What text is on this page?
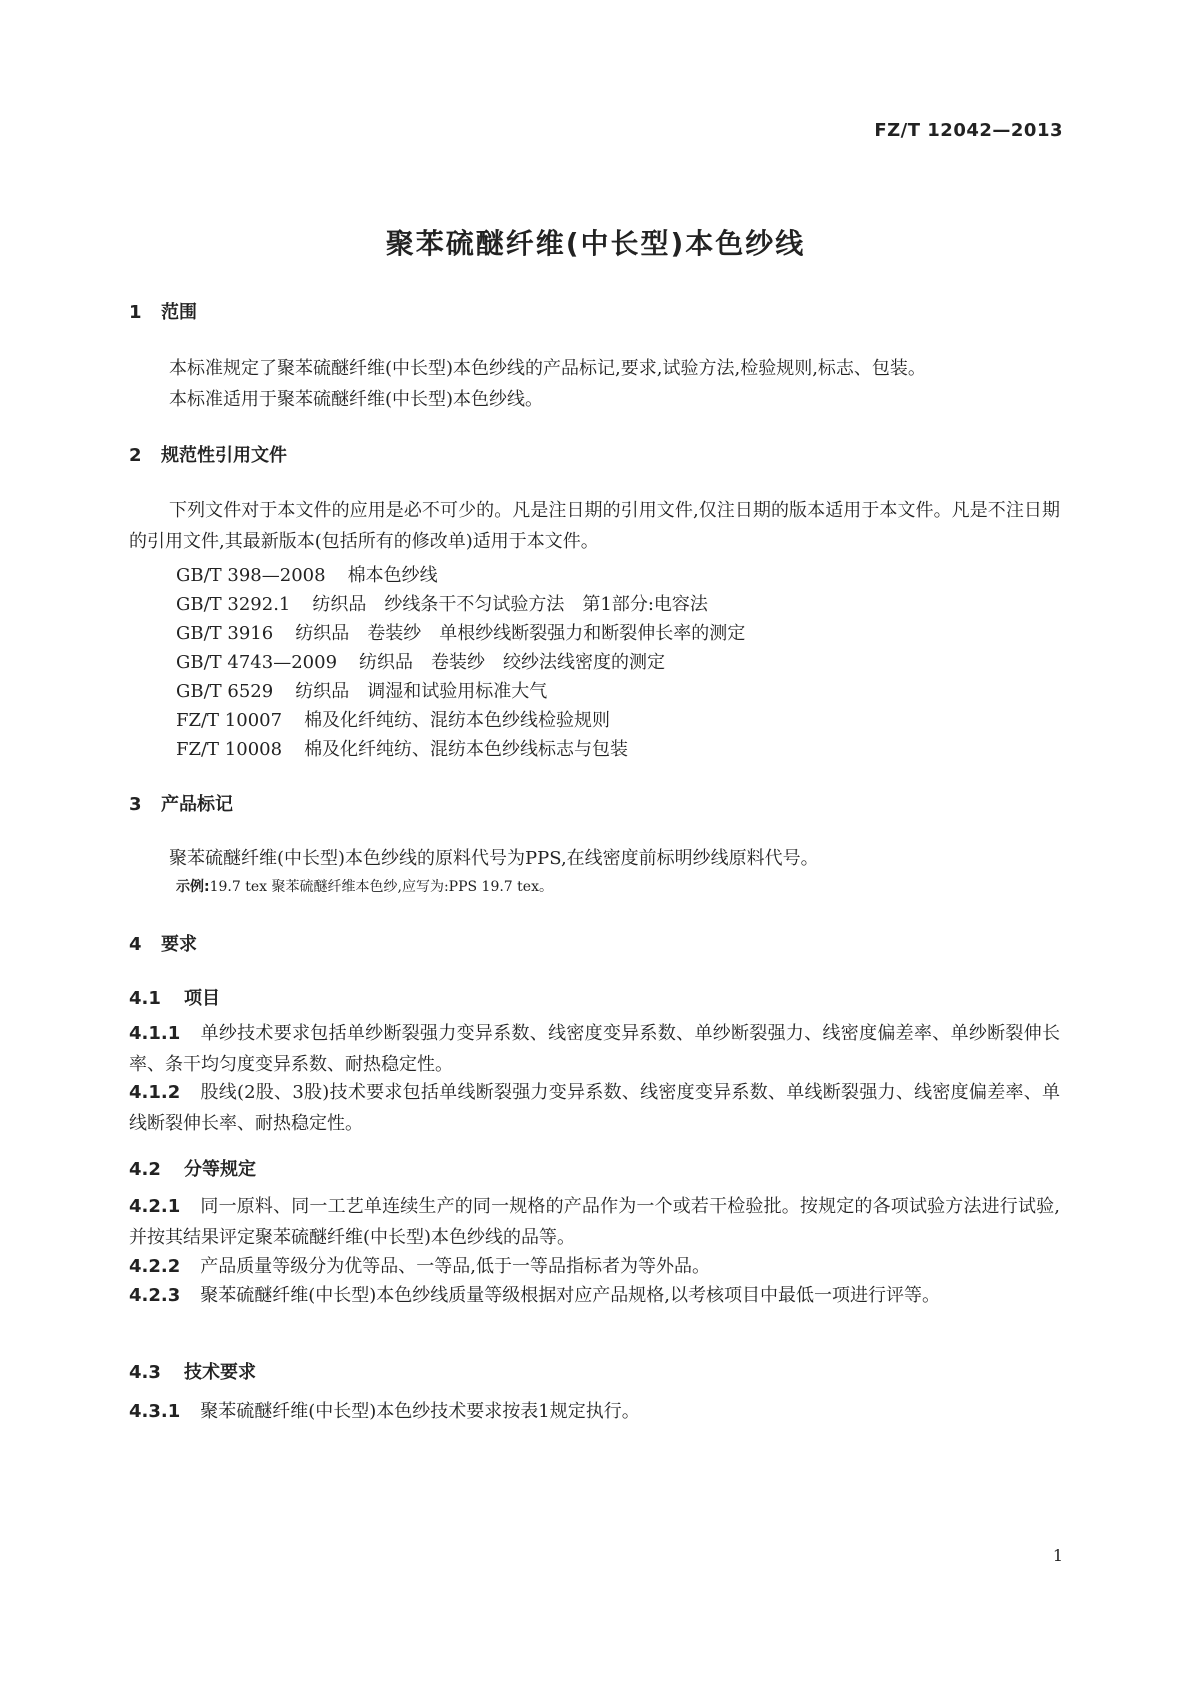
FZ/T 12042—2013
聚苯硫醚纤维(中长型)本色纱线
1 范围
本标准规定了聚苯硫醚纤维(中长型)本色纱线的产品标记,要求,试验方法,检验规则,标志、包装。
本标准适用于聚苯硫醚纤维(中长型)本色纱线。
2 规范性引用文件
下列文件对于本文件的应用是必不可少的。凡是注日期的引用文件,仅注日期的版本适用于本文件。凡是不注日期的引用文件,其最新版本(包括所有的修改单)适用于本文件。
GB/T 398—2008 棉本色纱线
GB/T 3292.1 纺织品　纱线条干不匀试验方法　第1部分:电容法
GB/T 3916 纺织品　卷装纱　单根纱线断裂强力和断裂伸长率的测定
GB/T 4743—2009 纺织品　卷装纱　绞纱法线密度的测定
GB/T 6529 纺织品　调湿和试验用标准大气
FZ/T 10007 棉及化纤纯纺、混纺本色纱线检验规则
FZ/T 10008 棉及化纤纯纺、混纺本色纱线标志与包装
3 产品标记
聚苯硫醚纤维(中长型)本色纱线的原料代号为PPS,在线密度前标明纱线原料代号。
示例:19.7 tex 聚苯硫醚纤维本色纱,应写为:PPS 19.7 tex。
4 要求
4.1 项目
4.1.1 单纱技术要求包括单纱断裂强力变异系数、线密度变异系数、单纱断裂强力、线密度偏差率、单纱断裂伸长率、条干均匀度变异系数、耐热稳定性。
4.1.2 股线(2股、3股)技术要求包括单线断裂强力变异系数、线密度变异系数、单线断裂强力、线密度偏差率、单线断裂伸长率、耐热稳定性。
4.2 分等规定
4.2.1 同一原料、同一工艺单连续生产的同一规格的产品作为一个或若干检验批。按规定的各项试验方法进行试验,并按其结果评定聚苯硫醚纤维(中长型)本色纱线的品等。
4.2.2 产品质量等级分为优等品、一等品,低于一等品指标者为等外品。
4.2.3 聚苯硫醚纤维(中长型)本色纱线质量等级根据对应产品规格,以考核项目中最低一项进行评等。
4.3 技术要求
4.3.1 聚苯硫醚纤维(中长型)本色纱技术要求按表1规定执行。
1
